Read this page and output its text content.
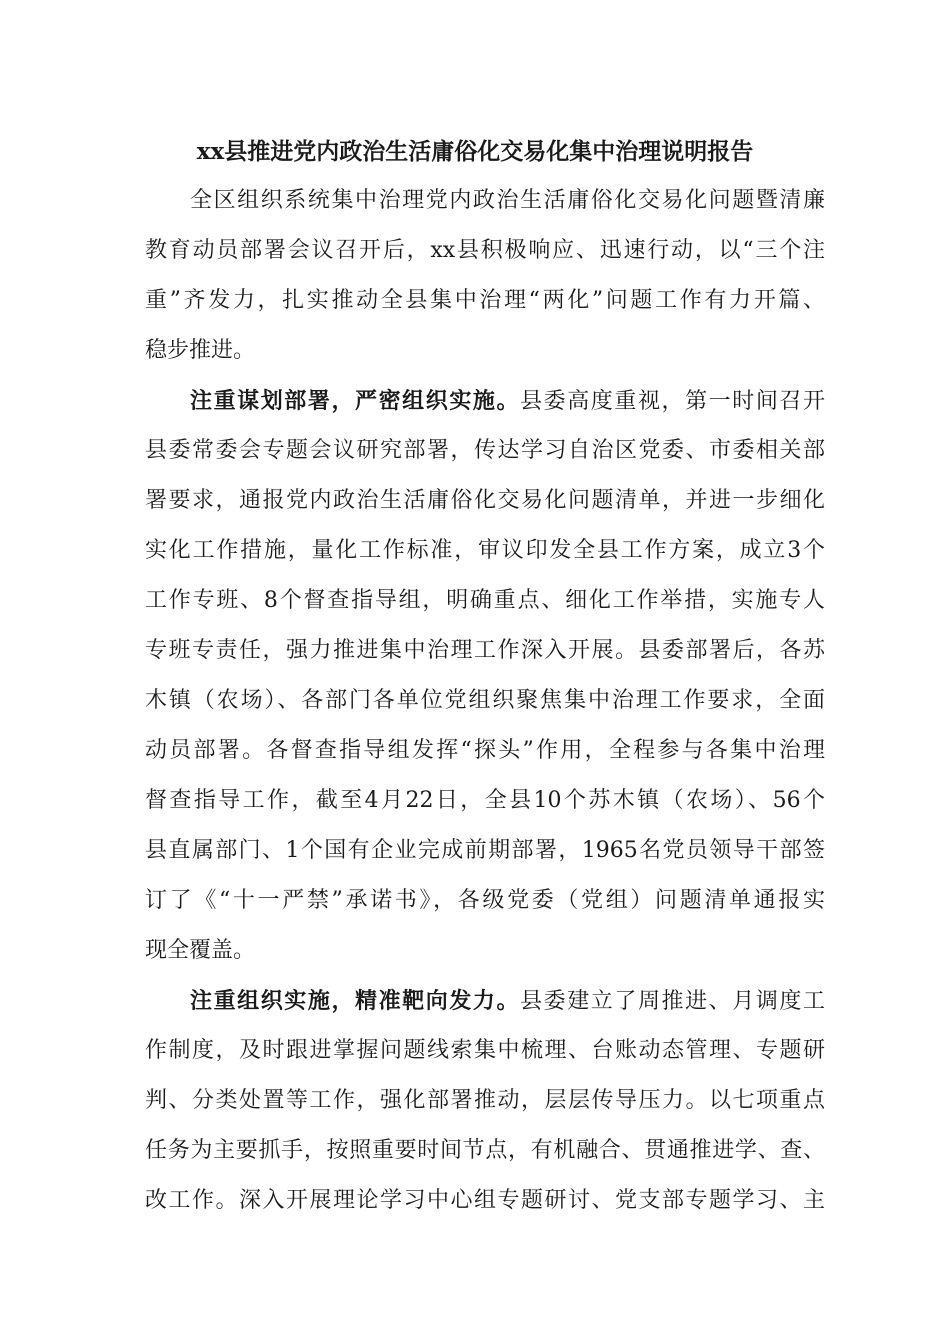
xx县推进党内政治生活庸俗化交易化集中治理说明报告
全区组织系统集中治理党内政治生活庸俗化交易化问题暨清廉
教育动员部署会议召开后，xx县积极响应、迅速行动，以“三个注
重”齐发力，扎实推动全县集中治理“两化”问题工作有力开篇、
稳步推进。
注重谋划部署，严密组织实施。县委高度重视，第一时间召开
县委常委会专题会议研究部署，传达学习自治区党委、市委相关部
署要求，通报党内政治生活庸俗化交易化问题清单，并进一步细化
实化工作措施，量化工作标准，审议印发全县工作方案，成立3个
工作专班、8个督查指导组，明确重点、细化工作举措，实施专人
专班专责任，强力推进集中治理工作深入开展。县委部署后，各苏
木镇（农场）、各部门各单位党组织聚焦集中治理工作要求，全面
动员部署。各督查指导组发挥“探头”作用，全程参与各集中治理
督查指导工作，截至4月22日，全县10个苏木镇（农场）、56个
县直属部门、1个国有企业完成前期部署，1965名党员领导干部签
订了《“十一严禁”承诺书》，各级党委（党组）问题清单通报实
现全覆盖。
注重组织实施，精准靶向发力。县委建立了周推进、月调度工
作制度，及时跟进掌握问题线索集中梳理、台账动态管理、专题研
判、分类处置等工作，强化部署推动，层层传导压力。以七项重点
任务为主要抓手，按照重要时间节点，有机融合、贯通推进学、查、
改工作。深入开展理论学习中心组专题研讨、党支部专题学习、主
